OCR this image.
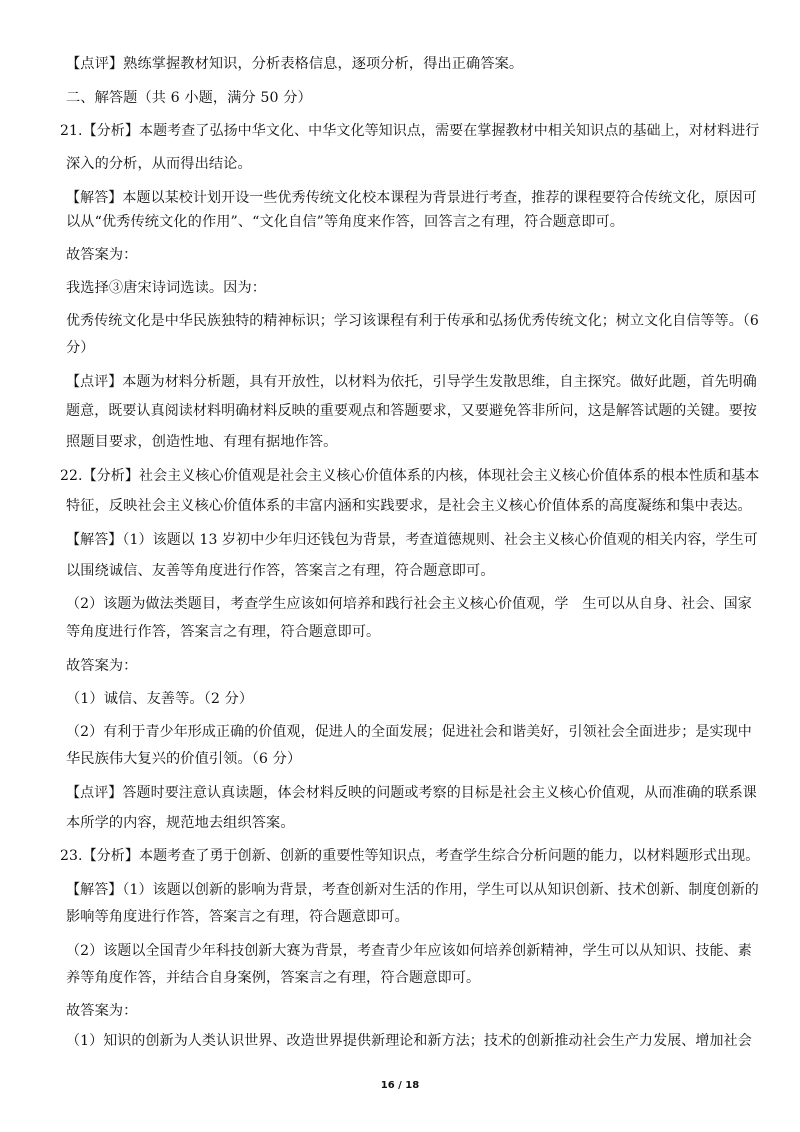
【点评】熟练掌握教材知识，分析表格信息，逐项分析，得出正确答案。
二、解答题（共 6 小题，满分 50 分）
21.【分析】本题考查了弘扬中华文化、中华文化等知识点，需要在掌握教材中相关知识点的基础上，对材料进行
深入的分析，从而得出结论。
【解答】本题以某校计划开设一些优秀传统文化校本课程为背景进行考查，推荐的课程要符合传统文化，原因可
以从“优秀传统文化的作用”、“文化自信”等角度来作答，回答言之有理，符合题意即可。
故答案为：
我选择③唐宋诗词选读。因为：
优秀传统文化是中华民族独特的精神标识；学习该课程有利于传承和弘扬优秀传统文化；树立文化自信等等。（6
分）
【点评】本题为材料分析题，具有开放性，以材料为依托，引导学生发散思维，自主探究。做好此题，首先明确
题意，既要认真阅读材料明确材料反映的重要观点和答题要求，又要避免答非所问，这是解答试题的关键。要按
照题目要求，创造性地、有理有据地作答。
22.【分析】社会主义核心价值观是社会主义核心价值体系的内核，体现社会主义核心价值体系的根本性质和基本
特征，反映社会主义核心价值体系的丰富内涵和实践要求，是社会主义核心价值体系的高度凝练和集中表达。
【解答】（1）该题以 13 岁初中少年归还钱包为背景，考查道德规则、社会主义核心价值观的相关内容，学生可
以围绕诚信、友善等角度进行作答，答案言之有理，符合题意即可。
（2）该题为做法类题目，考查学生应该如何培养和践行社会主义核心价值观，学　生可以从自身、社会、国家
等角度进行作答，答案言之有理，符合题意即可。
故答案为：
（1）诚信、友善等。（2 分）
（2）有利于青少年形成正确的价值观，促进人的全面发展；促进社会和谐美好，引领社会全面进步；是实现中
华民族伟大复兴的价值引领。（6 分）
【点评】答题时要注意认真读题，体会材料反映的问题或考察的目标是社会主义核心价值观，从而准确的联系课
本所学的内容，规范地去组织答案。
23.【分析】本题考查了勇于创新、创新的重要性等知识点，考查学生综合分析问题的能力，以材料题形式出现。
【解答】（1）该题以创新的影响为背景，考查创新对生活的作用，学生可以从知识创新、技术创新、制度创新的
影响等角度进行作答，答案言之有理，符合题意即可。
（2）该题以全国青少年科技创新大赛为背景，考查青少年应该如何培养创新精神，学生可以从知识、技能、素
养等角度作答，并结合自身案例，答案言之有理，符合题意即可。
故答案为：
（1）知识的创新为人类认识世界、改造世界提供新理论和新方法；技术的创新推动社会生产力发展、增加社会
16 / 18
